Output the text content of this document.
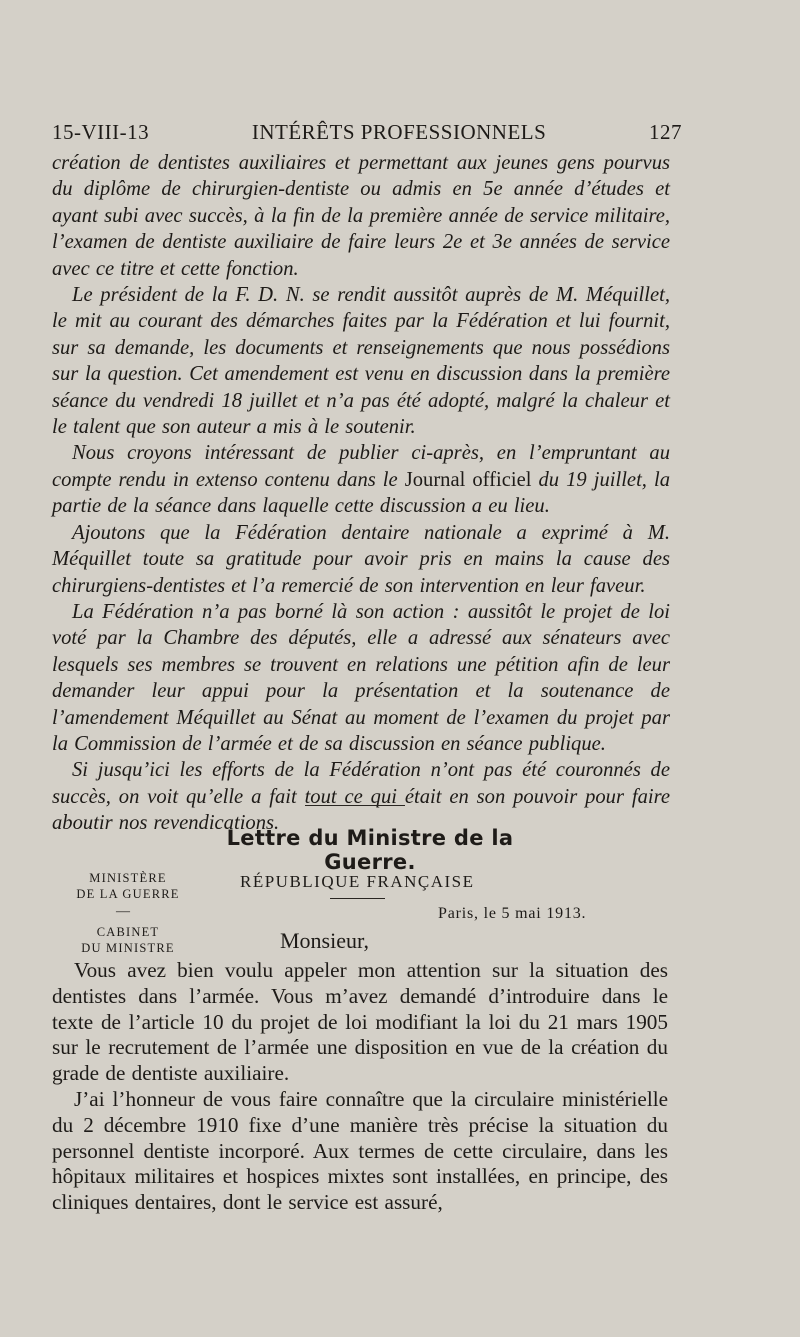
15-VIII-13	INTÉRÊTS PROFESSIONNELS	127

création de dentistes auxiliaires et permettant aux jeunes gens pourvus du diplôme de chirurgien-dentiste ou admis en 5e année d’études et ayant subi avec succès, à la fin de la première année de service militaire, l’examen de dentiste auxiliaire de faire leurs 2e et 3e années de service avec ce titre et cette fonction.

Le président de la F. D. N. se rendit aussitôt auprès de M. Méquillet, le mit au courant des démarches faites par la Fédération et lui fournit, sur sa demande, les documents et renseignements que nous possédions sur la question. Cet amendement est venu en discussion dans la première séance du vendredi 18 juillet et n’a pas été adopté, malgré la chaleur et le talent que son auteur a mis à le soutenir.

Nous croyons intéressant de publier ci-après, en l’empruntant au compte rendu in extenso contenu dans le Journal officiel du 19 juillet, la partie de la séance dans laquelle cette discussion a eu lieu.

Ajoutons que la Fédération dentaire nationale a exprimé à M. Méquillet toute sa gratitude pour avoir pris en mains la cause des chirurgiens-dentistes et l’a remercié de son intervention en leur faveur.

La Fédération n’a pas borné là son action : aussitôt le projet de loi voté par la Chambre des députés, elle a adressé aux sénateurs avec lesquels ses membres se trouvent en relations une pétition afin de leur demander leur appui pour la présentation et la soutenance de l’amendement Méquillet au Sénat au moment de l’examen du projet par la Commission de l’armée et de sa discussion en séance publique.

Si jusqu’ici les efforts de la Fédération n’ont pas été couronnés de succès, on voit qu’elle a fait tout ce qui était en son pouvoir pour faire aboutir nos revendications.

Lettre du Ministre de la Guerre.
MINISTÈRE
DE LA GUERRE
—
CABINET
DU MINISTRE
RÉPUBLIQUE FRANÇAISE
Paris, le 5 mai 1913.
Monsieur,

Vous avez bien voulu appeler mon attention sur la situation des dentistes dans l’armée. Vous m’avez demandé d’introduire dans le texte de l’article 10 du projet de loi modifiant la loi du 21 mars 1905 sur le recrutement de l’armée une disposition en vue de la création du grade de dentiste auxiliaire.

J’ai l’honneur de vous faire connaître que la circulaire ministérielle du 2 décembre 1910 fixe d’une manière très précise la situation du personnel dentiste incorporé. Aux termes de cette circulaire, dans les hôpitaux militaires et hospices mixtes sont installées, en principe, des cliniques dentaires, dont le service est assuré,
